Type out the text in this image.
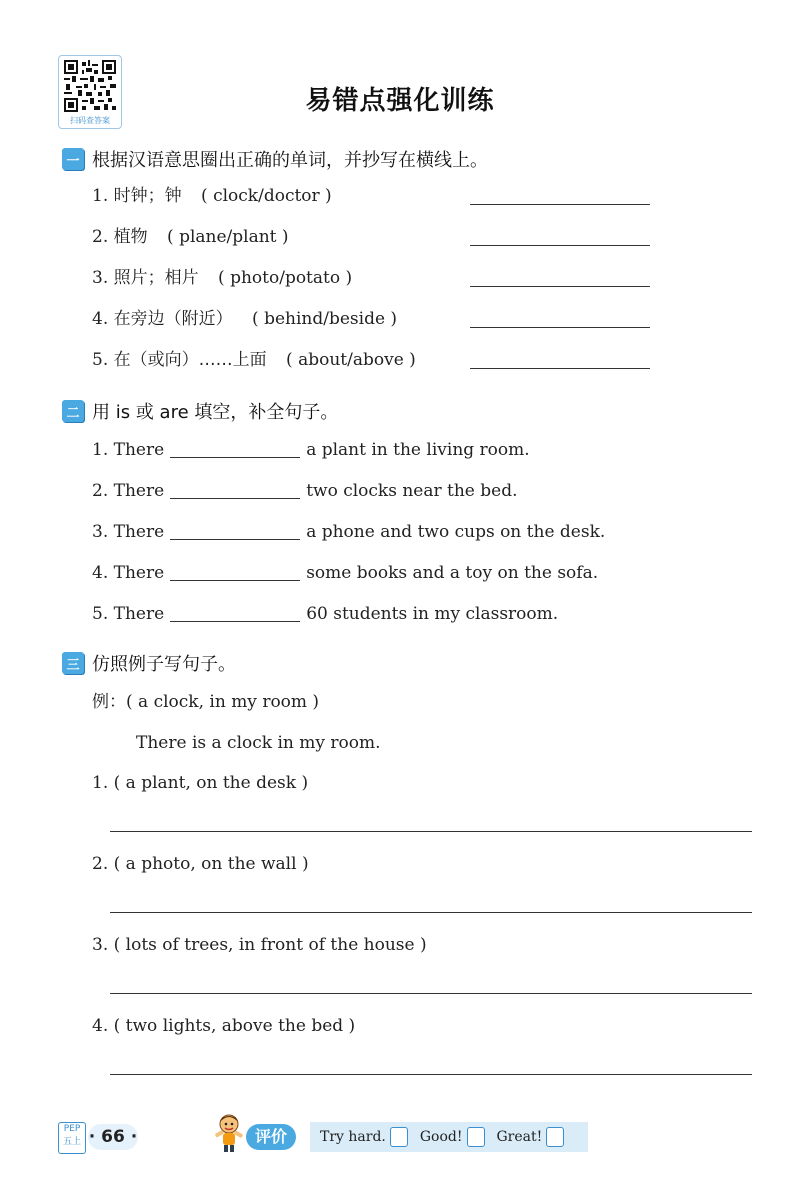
扫码查答案
易错点强化训练
一 根据汉语意思圈出正确的单词，并抄写在横线上。
1. 时钟；钟 ( clock/doctor )
2. 植物 ( plane/plant )
3. 照片；相片 ( photo/potato )
4. 在旁边（附近） ( behind/beside )
5. 在（或向）……上面 ( about/above )
二 用 is 或 are 填空，补全句子。
1. There	a plant in the living room.
2. There	two clocks near the bed.
3. There	a phone and two cups on the desk.
4. There	some books and a toy on the sofa.
5. There	60 students in my classroom.
三 仿照例子写句子。
例：( a clock, in my room )
There is a clock in my room.
1. ( a plant, on the desk )
2. ( a photo, on the wall )
3. ( lots of trees, in front of the house )
4. ( two lights, above the bed )
PEP
五上 · 66 ·	评价	Try hard. Good! Great!
